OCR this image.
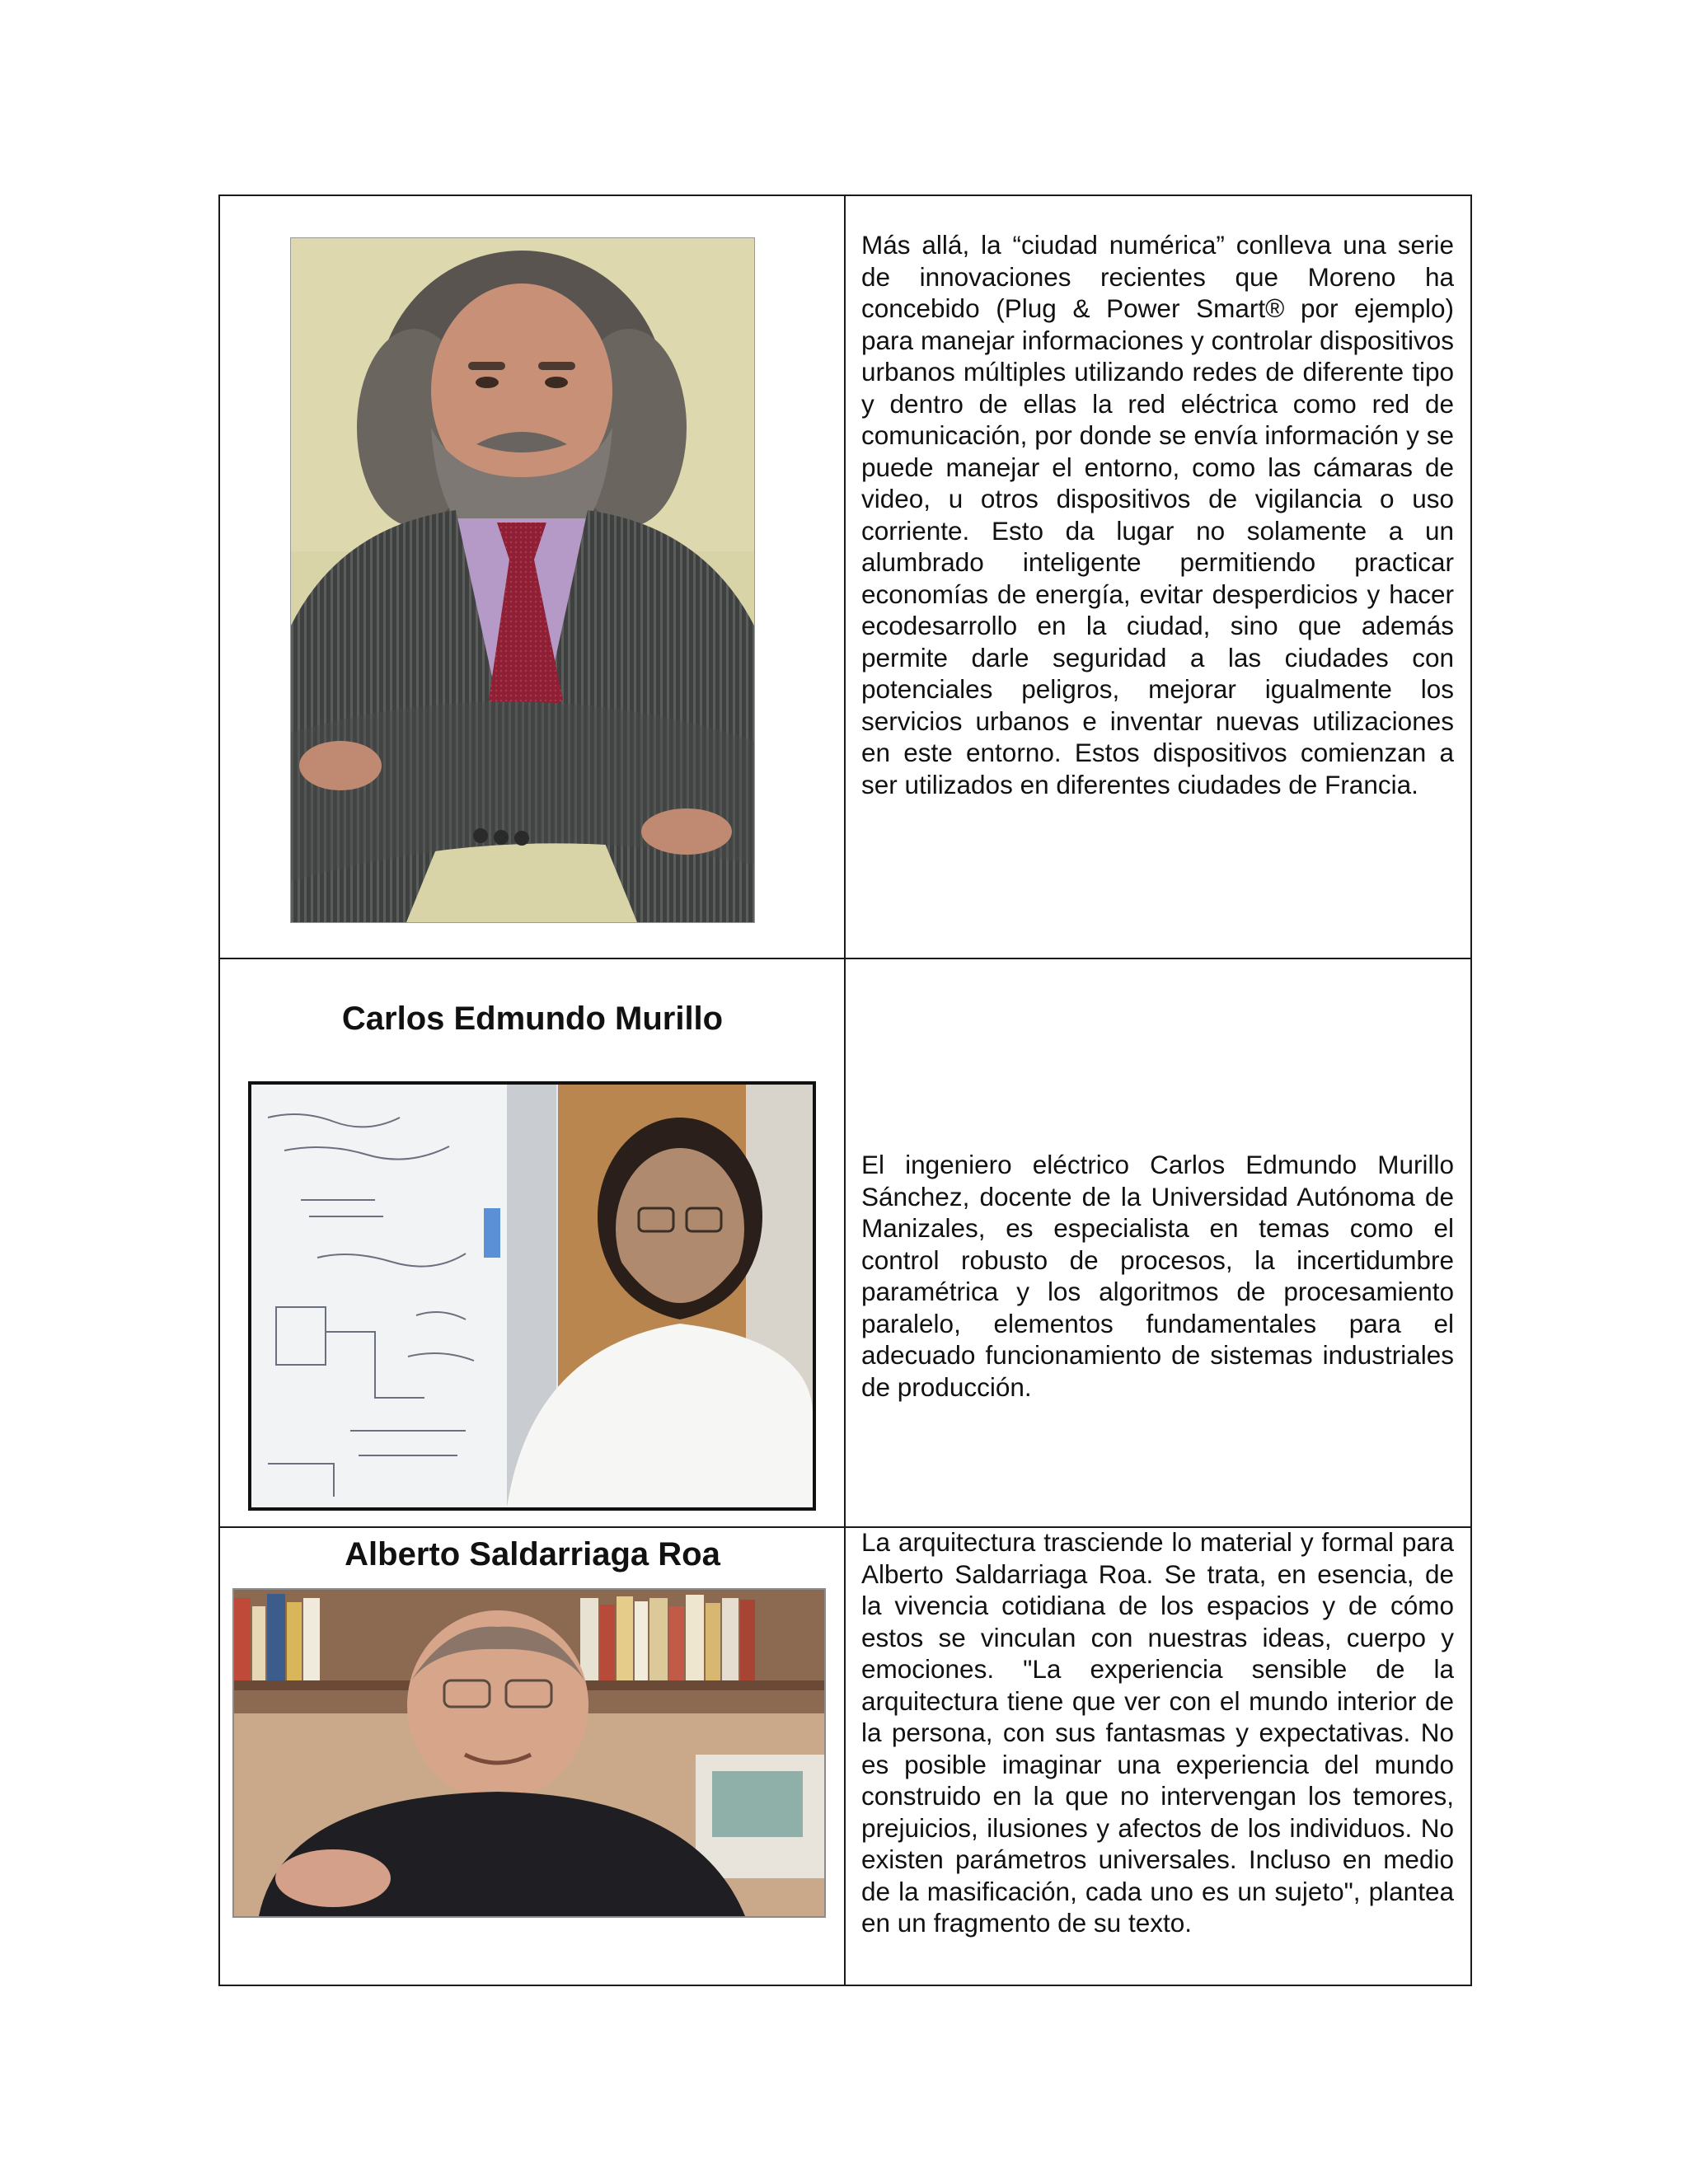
Más allá, la “ciudad numérica” conlleva una serie de innovaciones recientes que Moreno ha concebido (Plug & Power Smart® por ejemplo) para manejar informaciones y controlar dispositivos urbanos múltiples utilizando redes de diferente tipo y dentro de ellas la red eléctrica como red de comunicación, por donde se envía información y se puede manejar el entorno, como las cámaras de video, u otros dispositivos de vigilancia o uso corriente. Esto da lugar no solamente a un alumbrado inteligente permitiendo practicar economías de energía, evitar desperdicios y hacer ecodesarrollo en la ciudad, sino que además permite darle seguridad a las ciudades con potenciales peligros, mejorar igualmente los servicios urbanos e inventar nuevas utilizaciones en este entorno. Estos dispositivos comienzan a ser utilizados en diferentes ciudades de Francia.

Carlos Edmundo Murillo	El ingeniero eléctrico Carlos Edmundo Murillo Sánchez, docente de la Universidad Autónoma de Manizales, es especialista en temas como el control robusto de procesos, la incertidumbre paramétrica y los algoritmos de procesamiento paralelo, elementos fundamentales para el adecuado funcionamiento de sistemas industriales de producción.

Alberto Saldarriaga Roa	La arquitectura trasciende lo material y formal para Alberto Saldarriaga Roa. Se trata, en esencia, de la vivencia cotidiana de los espacios y de cómo estos se vinculan con nuestras ideas, cuerpo y emociones. "La experiencia sensible de la arquitectura tiene que ver con el mundo interior de la persona, con sus fantasmas y expectativas. No es posible imaginar una experiencia del mundo construido en la que no intervengan los temores, prejuicios, ilusiones y afectos de los individuos. No existen parámetros universales. Incluso en medio de la masificación, cada uno es un sujeto", plantea en un fragmento de su texto.
